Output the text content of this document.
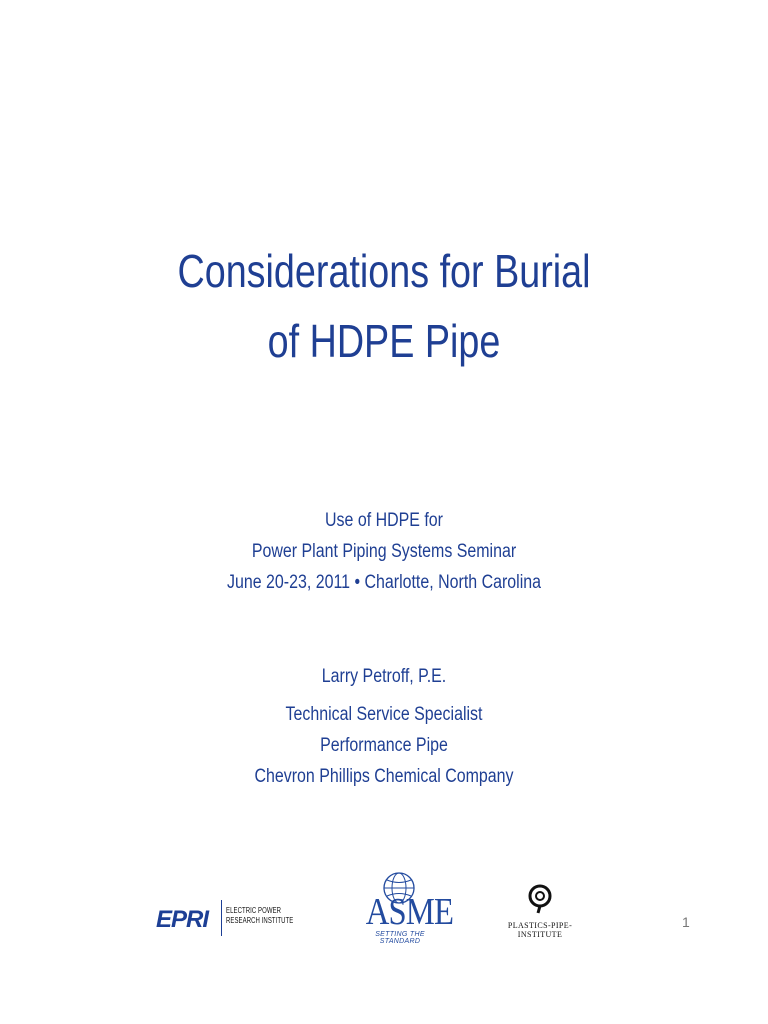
Considerations for Burial
of HDPE Pipe
Use of HDPE for
Power Plant Piping Systems Seminar
June 20-23, 2011 • Charlotte, North Carolina
Larry Petroff, P.E.
Technical Service Specialist
Performance Pipe
Chevron Phillips Chemical Company
EPRI ELECTRIC POWER
RESEARCH INSTITUTE ASME
SETTING THE STANDARD
PLASTICS-PIPE-INSTITUTE
1
